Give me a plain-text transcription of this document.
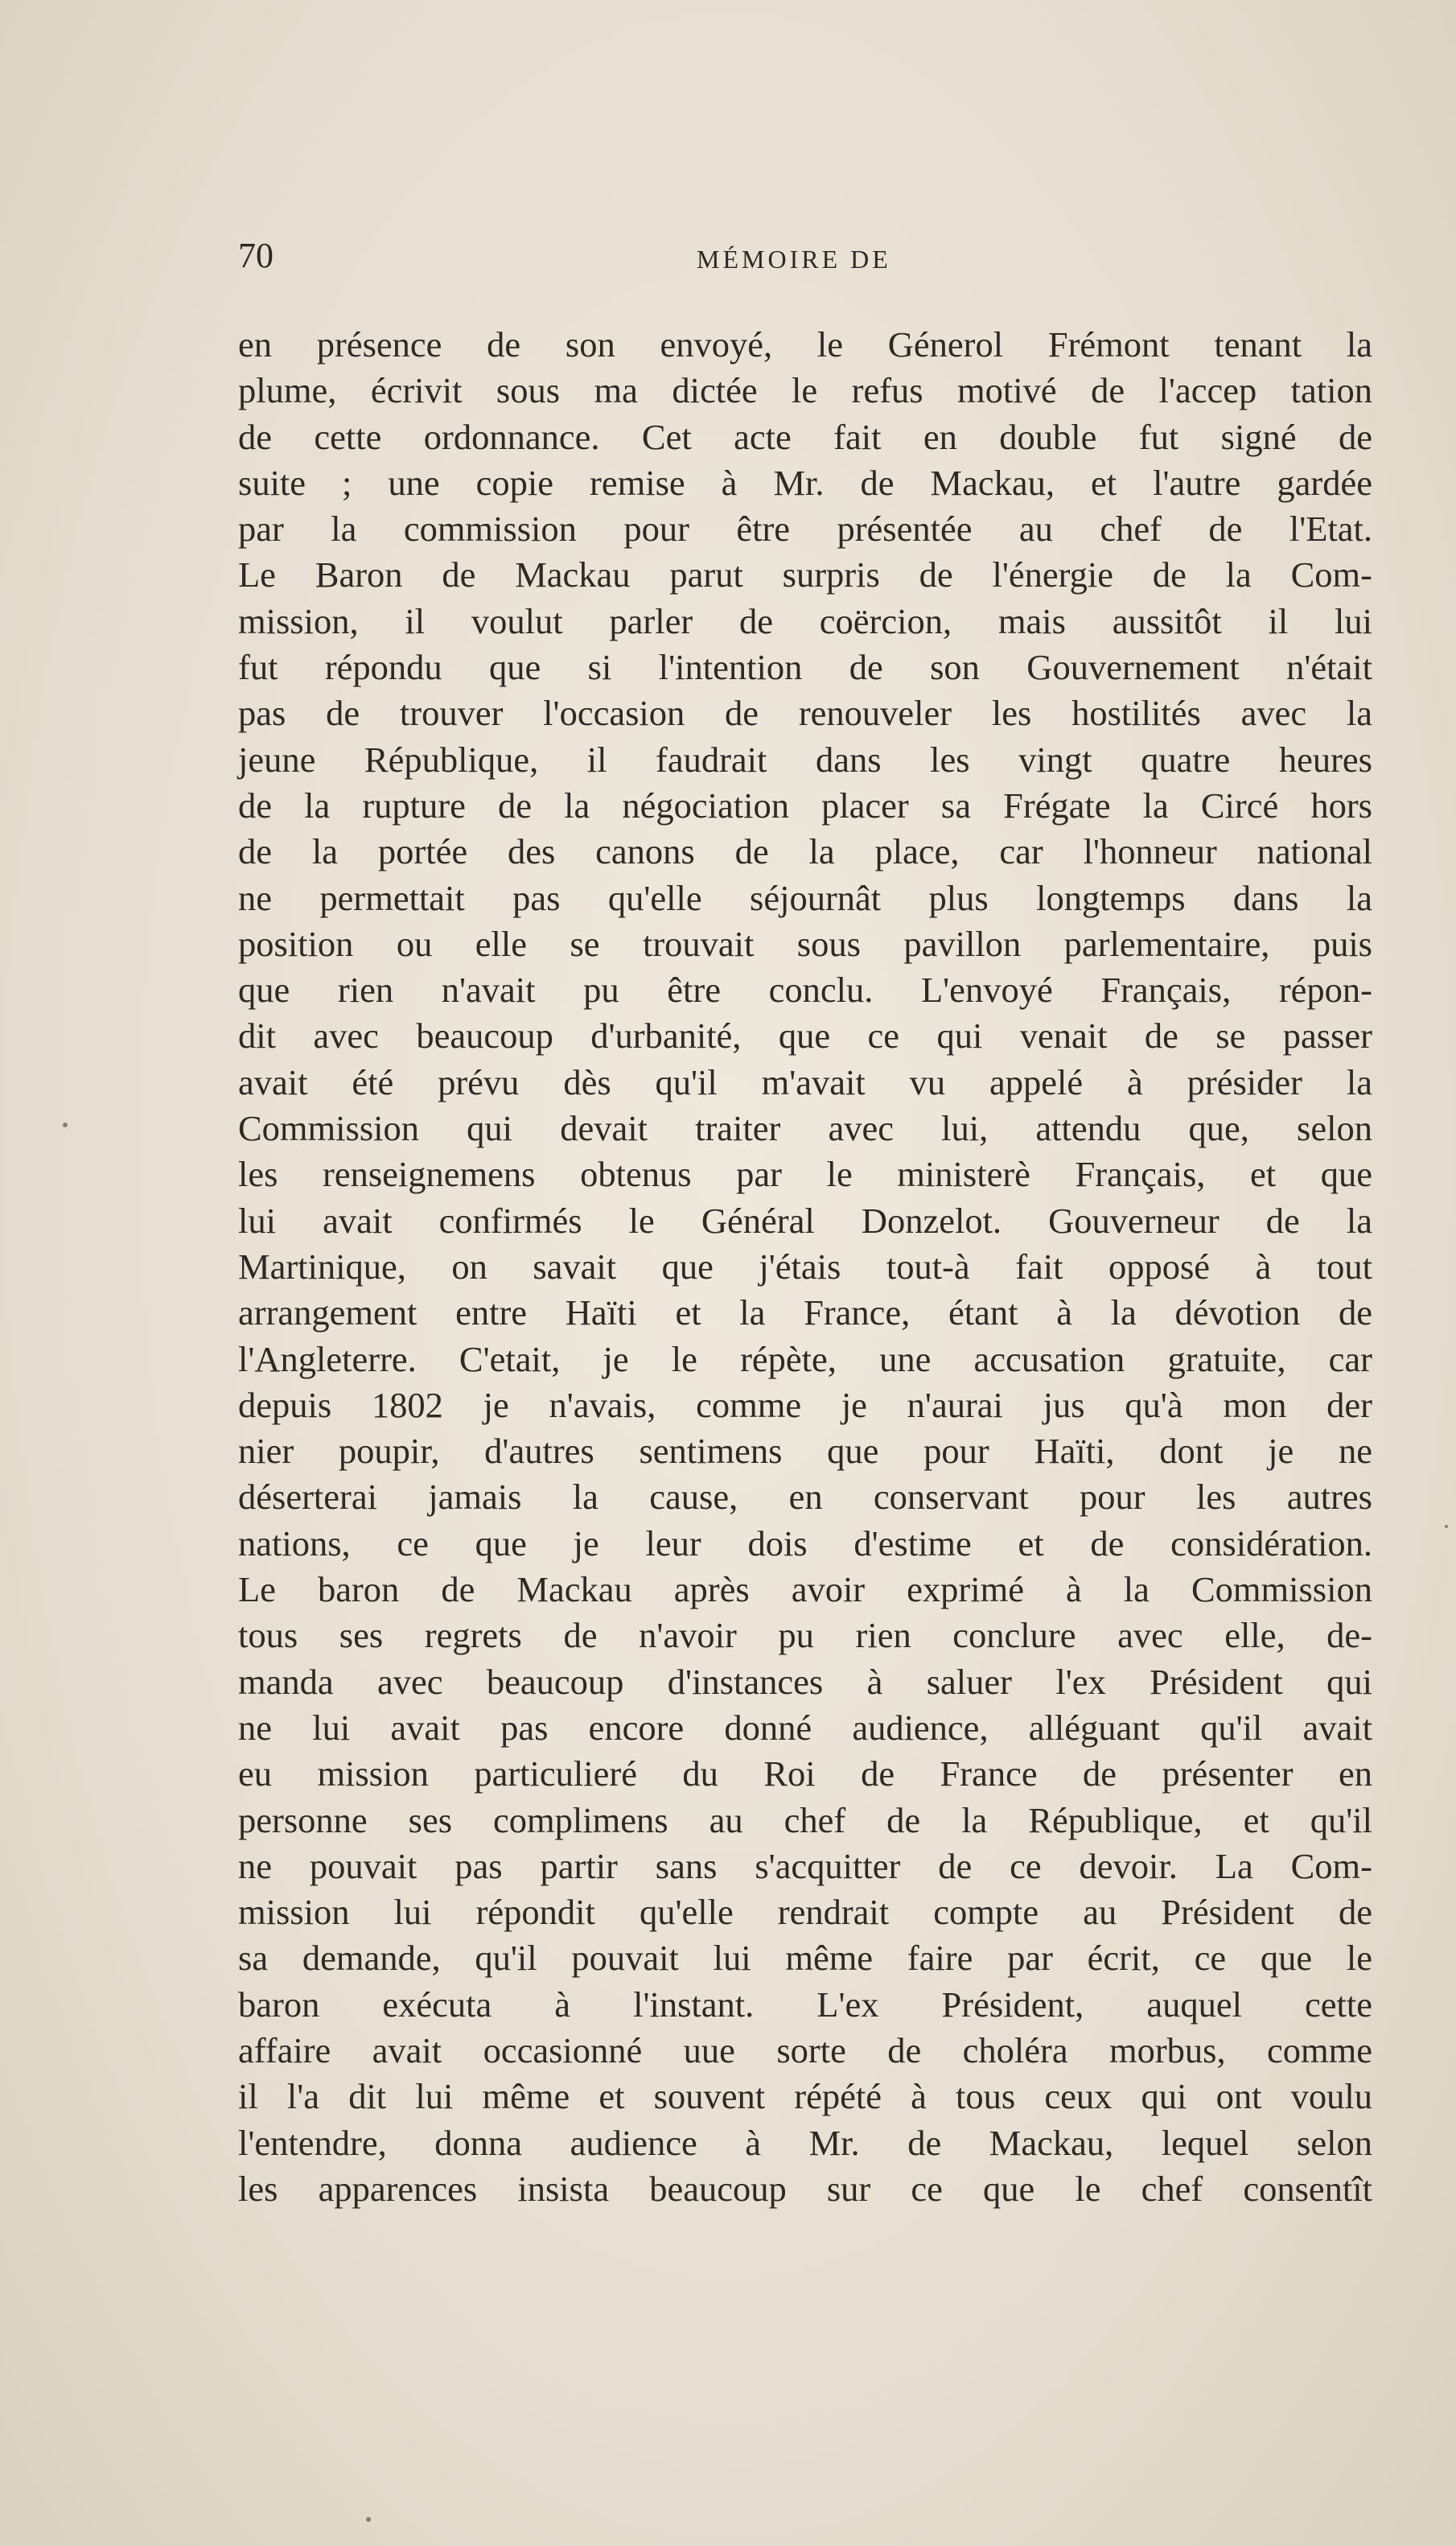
70	MÉMOIRE DE
en présence de son envoyé, le Génerol Frémont tenant la
plume, écrivit sous ma dictée le refus motivé de l'accep tation
de cette ordonnance. Cet acte fait en double fut signé de
suite ; une copie remise à Mr. de Mackau, et l'autre gardée
par la commission pour être présentée au chef de l'Etat.
Le Baron de Mackau parut surpris de l'énergie de la Com-
mission, il voulut parler de coërcion, mais aussitôt il lui
fut répondu que si l'intention de son Gouvernement n'était
pas de trouver l'occasion de renouveler les hostilités avec la
jeune République, il faudrait dans les vingt quatre heures
de la rupture de la négociation placer sa Frégate la Circé hors
de la portée des canons de la place, car l'honneur national
ne permettait pas qu'elle séjournât plus longtemps dans la
position ou elle se trouvait sous pavillon parlementaire, puis
que rien n'avait pu être conclu. L'envoyé Français, répon-
dit avec beaucoup d'urbanité, que ce qui venait de se passer
avait été prévu dès qu'il m'avait vu appelé à présider la
Commission qui devait traiter avec lui, attendu que, selon
les renseignemens obtenus par le ministerè Français, et que
lui avait confirmés le Général Donzelot. Gouverneur de la
Martinique, on savait que j'étais tout-à fait opposé à tout
arrangement entre Haïti et la France, étant à la dévotion de
l'Angleterre. C'etait, je le répète, une accusation gratuite, car
depuis 1802 je n'avais, comme je n'aurai jus qu'à mon der
nier poupir, d'autres sentimens que pour Haïti, dont je ne
déserterai jamais la cause, en conservant pour les autres
nations, ce que je leur dois d'estime et de considération.
Le baron de Mackau après avoir exprimé à la Commission
tous ses regrets de n'avoir pu rien conclure avec elle, de-
manda avec beaucoup d'instances à saluer l'ex Président qui
ne lui avait pas encore donné audience, alléguant qu'il avait
eu mission particulieré du Roi de France de présenter en
personne ses complimens au chef de la République, et qu'il
ne pouvait pas partir sans s'acquitter de ce devoir. La Com-
mission lui répondit qu'elle rendrait compte au Président de
sa demande, qu'il pouvait lui même faire par écrit, ce que le
baron exécuta à l'instant. L'ex Président, auquel cette
affaire avait occasionné uue sorte de choléra morbus, comme
il l'a dit lui même et souvent répété à tous ceux qui ont voulu
l'entendre, donna audience à Mr. de Mackau, lequel selon
les apparences insista beaucoup sur ce que le chef consentît
